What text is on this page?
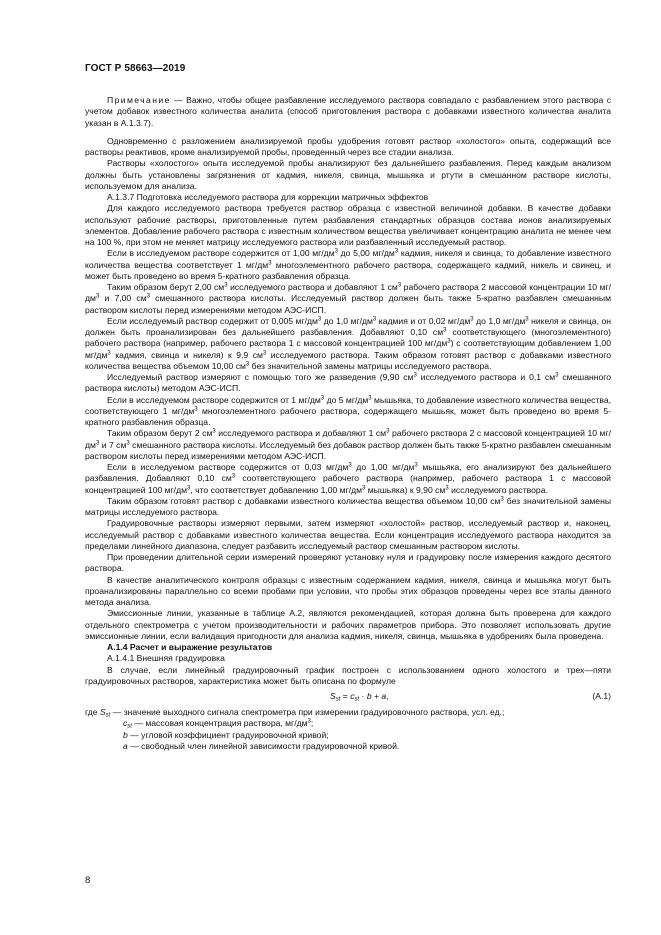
ГОСТ Р 58663—2019

Примечание — Важно, чтобы общее разбавление исследуемого раствора совпадало с разбавлением этого раствора с учетом добавок известного количества аналита (способ приготовления раствора с добавками известного количества аналита указан в А.1.3.7).

Одновременно с разложением анализируемой пробы удобрения готовят раствор «холостого» опыта, содержащий все растворы реактивов, кроме анализируемой пробы, проведенный через все стадии анализа.

Растворы «холостого» опыта исследуемой пробы анализируют без дальнейшего разбавления. Перед каждым анализом должны быть установлены загрязнения от кадмия, никеля, свинца, мышьяка и ртути в смешанном растворе кислоты, используемом для анализа.

А.1.3.7 Подготовка исследуемого раствора для коррекции матричных эффектов

Для каждого исследуемого раствора требуется раствор образца с известной величиной добавки. В качестве добавки используют рабочие растворы, приготовленные путем разбавления стандартных образцов состава ионов анализируемых элементов. Добавление рабочего раствора с известным количеством вещества увеличивает концентрацию аналита не менее чем на 100 %, при этом не меняет матрицу исследуемого раствора или разбавленный исследуемый раствор.

Если в исследуемом растворе содержится от 1,00 $мг/дм^3$ до 5,00 $мг/дм^3$ кадмия, никеля и свинца, то добавление известного количества вещества соответствует 1 $мг/дм^3$ многоэлементного рабочего раствора, содержащего кадмий, никель и свинец, и может быть проведено во время 5-кратного разбавления образца.

Таким образом берут 2,00 $см^3$ исследуемого раствора и добавляют 1 $см^3$ рабочего раствора 2 массовой концентрации 10 $мг/дм^3$ и 7,00 $см^3$ смешанного раствора кислоты. Исследуемый раствор должен быть также 5-кратно разбавлен смешанным раствором кислоты перед измерениями методом АЭС-ИСП.

Если исследуемый раствор содержит от 0,005 $мг/дм^3$ до 1,0 $мг/дм^3$ кадмия и от 0,02 $мг/дм^3$ до 1,0 $мг/дм^3$ никеля и свинца, он должен быть проанализирован без дальнейшего разбавления. Добавляют 0,10 $см^3$ соответствующего (многоэлементного) рабочего раствора (например, рабочего раствора 1 с массовой концентрацией 100 $мг/дм^3$) с соответствующим добавлением 1,00 $мг/дм^3$ кадмия, свинца и никеля) к 9,9 $см^3$ исследуемого раствора. Таким образом готовят раствор с добавками известного количества вещества объемом 10,00 $см^3$ без значительной замены матрицы исследуемого раствора.

Исследуемый раствор измеряют с помощью того же разведения (9,90 $см^3$ исследуемого раствора и 0,1 $см^3$ смешанного раствора кислоты) методом АЭС-ИСП.

Если в исследуемом растворе содержится от 1 $мг/дм^3$ до 5 $мг/дм^3$ мышьяка, то добавление известного количества вещества, соответствующего 1 $мг/дм^3$ многоэлементного рабочего раствора, содержащего мышьяк, может быть проведено во время 5-кратного разбавления образца.

Таким образом берут 2 $см^3$ исследуемого раствора и добавляют 1 $см^3$ рабочего раствора 2 с массовой концентрацией 10 $мг/дм^3$ и 7 $см^3$ смешанного раствора кислоты. Исследуемый без добавок раствор должен быть также 5-кратно разбавлен смешанным раствором кислоты перед измерениями методом АЭС-ИСП.

Если в исследуемом растворе содержится от 0,03 $мг/дм^3$ до 1,00 $мг/дм^3$ мышьяка, его анализируют без дальнейшего разбавления. Добавляют 0,10 $см^3$ соответствующего рабочего раствора (например, рабочего раствора 1 с массовой концентрацией 100 $мг/дм^3$, что соответствует добавлению 1,00 $мг/дм^3$ мышьяка) к 9,90 $см^3$ исследуемого раствора.

Таким образом готовят раствор с добавками известного количества вещества объемом 10,00 $см^3$ без значительной замены матрицы исследуемого раствора.

Градуировочные растворы измеряют первыми, затем измеряют «холостой» раствор, исследуемый раствор и, наконец, исследуемый раствор с добавками известного количества вещества. Если концентрация исследуемого раствора находится за пределами линейного диапазона, следует разбавить исследуемый раствор смешанным раствором кислоты.

При проведении длительной серии измерений проверяют установку нуля и градуировку после измерения каждого десятого раствора.

В качестве аналитического контроля образцы с известным содержанием кадмия, никеля, свинца и мышьяка могут быть проанализированы параллельно со всеми пробами при условии, что пробы этих образцов проведены через все этапы данного метода анализа.

Эмиссионные линии, указанные в таблице А.2, являются рекомендацией, которая должна быть проверена для каждого отдельного спектрометра с учетом производительности и рабочих параметров прибора. Это позволяет использовать другие эмиссионные линии, если валидация пригодности для анализа кадмия, никеля, свинца, мышьяка в удобрениях была проведена.

А.1.4 Расчет и выражение результатов

А.1.4.1 Внешняя градуировка

В случае, если линейный градуировочный график построен с использованием одного холостого и трех—пяти градуировочных растворов, характеристика может быть описана по формуле

$S_{st} = c_{st} \cdot b + a$,	(А.1)

где $S_{st}$ — значение выходного сигнала спектрометра при измерении градуировочного раствора, усл. ед.;

$c_{st}$ — массовая концентрация раствора, $мг/дм^3$;

b — угловой коэффициент градуировочной кривой;

a — свободный член линейной зависимости градуировочной кривой.

8
